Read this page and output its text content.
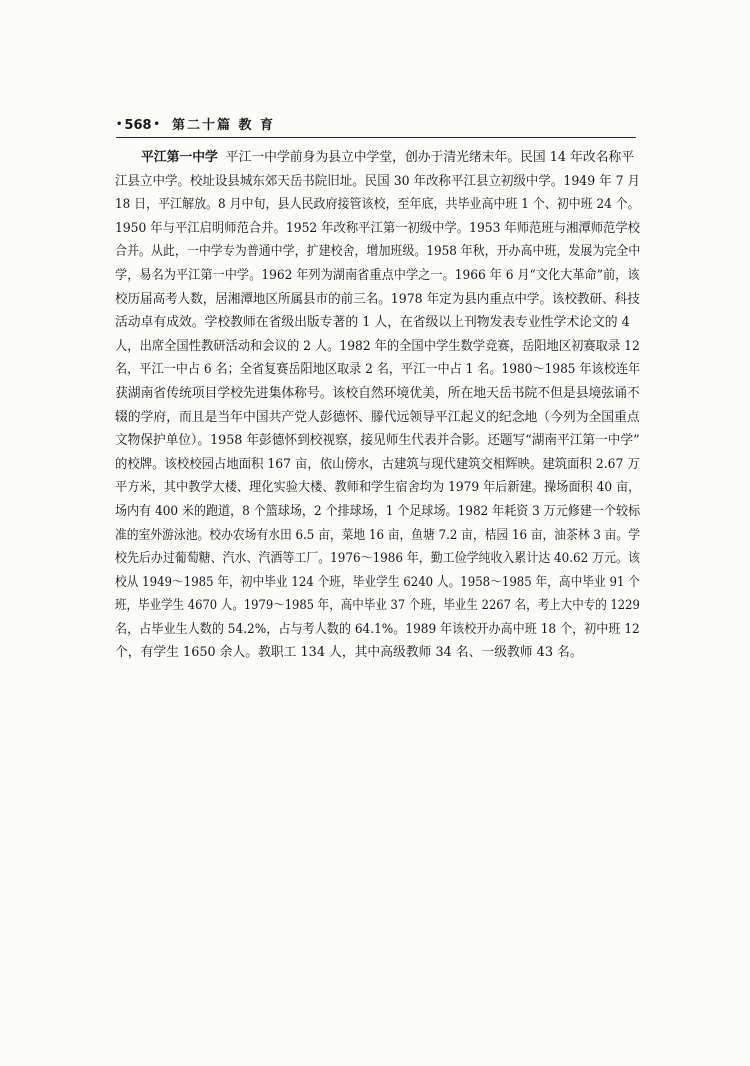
• 568 • 第二十篇 教 育
平江第一中学 平江一中学前身为县立中学堂，创办于清光绪末年。民国 14 年改名称平
江县立中学。校址设县城东郊天岳书院旧址。民国 30 年改称平江县立初级中学。1949 年 7 月
18 日，平江解放。8 月中旬，县人民政府接管该校，至年底，共毕业高中班 1 个、初中班 24 个。
1950 年与平江启明师范合并。1952 年改称平江第一初级中学。1953 年师范班与湘潭师范学校
合并。从此，一中学专为普通中学，扩建校舍，增加班级。1958 年秋，开办高中班，发展为完全中
学，易名为平江第一中学。1962 年列为湖南省重点中学之一。1966 年 6 月“文化大革命”前，该
校历届高考人数，居湘潭地区所属县市的前三名。1978 年定为县内重点中学。该校教研、科技
活动卓有成效。学校教师在省级出版专著的 1 人，在省级以上刊物发表专业性学术论文的 4
人，出席全国性教研活动和会议的 2 人。1982 年的全国中学生数学竞赛，岳阳地区初赛取录 12
名，平江一中占 6 名；全省复赛岳阳地区取录 2 名，平江一中占 1 名。1980～1985 年该校连年
获湖南省传统项目学校先进集体称号。该校自然环境优美，所在地天岳书院不但是县境弦诵不
辍的学府，而且是当年中国共产党人彭德怀、滕代远领导平江起义的纪念地（今列为全国重点
文物保护单位）。1958 年彭德怀到校视察，接见师生代表并合影。还题写“湖南平江第一中学”
的校牌。该校校园占地面积 167 亩，依山傍水，古建筑与现代建筑交相辉映。建筑面积 2.67 万
平方米，其中教学大楼、理化实验大楼、教师和学生宿舍均为 1979 年后新建。操场面积 40 亩，
场内有 400 米的跑道，8 个篮球场，2 个排球场，1 个足球场。1982 年耗资 3 万元修建一个较标
准的室外游泳池。校办农场有水田 6.5 亩，菜地 16 亩，鱼塘 7.2 亩，桔园 16 亩，油茶林 3 亩。学
校先后办过葡萄糖、汽水、汽酒等工厂。1976～1986 年，勤工俭学纯收入累计达 40.62 万元。该
校从 1949～1985 年，初中毕业 124 个班，毕业学生 6240 人。1958～1985 年，高中毕业 91 个
班，毕业学生 4670 人。1979～1985 年，高中毕业 37 个班，毕业生 2267 名，考上大中专的 1229
名，占毕业生人数的 54.2%，占与考人数的 64.1%。1989 年该校开办高中班 18 个，初中班 12
个，有学生 1650 余人。教职工 134 人，其中高级教师 34 名、一级教师 43 名。
